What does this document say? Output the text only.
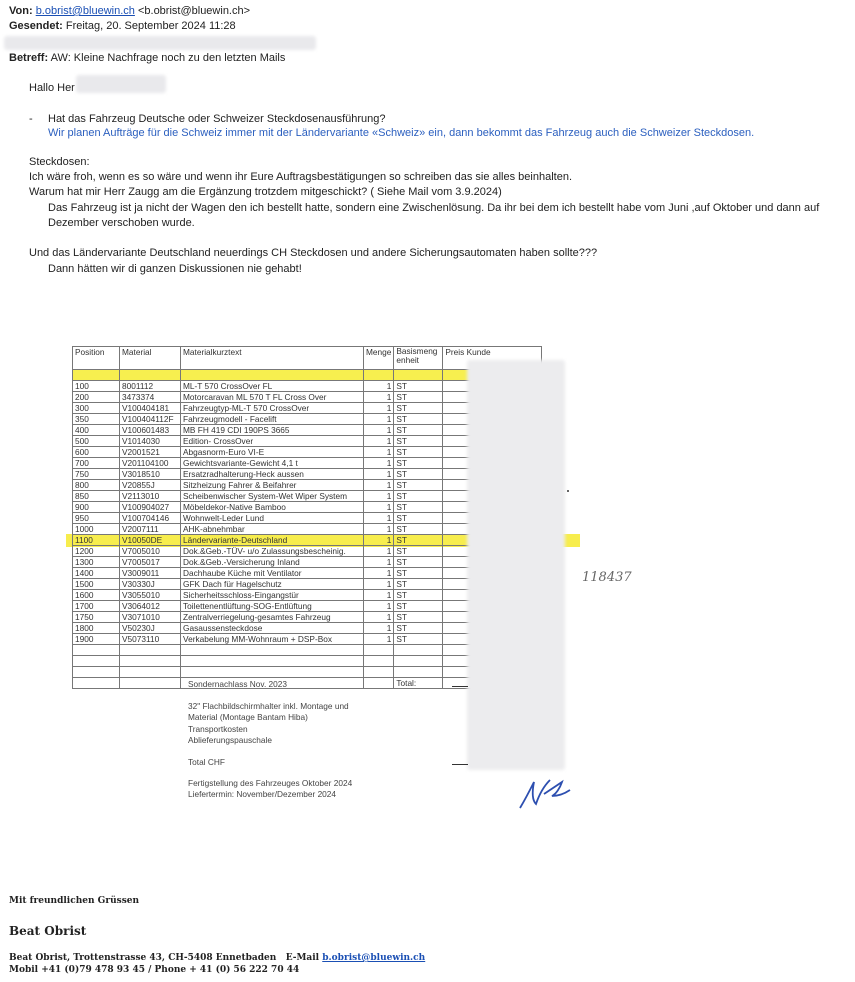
Von: b.obrist@bluewin.ch <b.obrist@bluewin.ch>
Gesendet: Freitag, 20. September 2024 11:28
Betreff: AW: Kleine Nachfrage noch zu den letzten Mails
Hallo Her
- Hat das Fahrzeug Deutsche oder Schweizer Steckdosenausführung?
Wir planen Aufträge für die Schweiz immer mit der Ländervariante «Schweiz» ein, dann bekommt das Fahrzeug auch die Schweizer Steckdosen.
Steckdosen:
Ich wäre froh, wenn es so wäre und wenn ihr Eure Auftragsbestätigungen so schreiben das sie alles beinhalten.
Warum hat mir Herr Zaugg am die Ergänzung trotzdem mitgeschickt? ( Siehe Mail vom 3.9.2024)
Das Fahrzeug ist ja nicht der Wagen den ich bestellt hatte, sondern eine Zwischenlösung. Da ihr bei dem ich bestellt habe vom Juni ,auf Oktober und dann auf
Dezember verschoben wurde.
Und das Ländervariante Deutschland neuerdings CH Steckdosen und andere Sicherungsautomaten haben sollte???
Dann hätten wir di ganzen Diskussionen nie gehabt!
Position	Material	Materialkurztext	Menge	Basismeng enheit	Preis Kunde

100	8001112	ML-T 570 CrossOver FL	1	ST	
200	3473374	Motorcaravan ML 570 T FL Cross Over	1	ST	
300	V100404181	Fahrzeugtyp-ML-T 570 CrossOver	1	ST	
350	V100404112F	Fahrzeugmodell - Facelift	1	ST	
400	V100601483	MB FH 419 CDI 190PS 3665	1	ST	
500	V1014030	Edition- CrossOver	1	ST	
600	V2001521	Abgasnorm-Euro VI-E	1	ST	
700	V201104100	Gewichtsvariante-Gewicht 4,1 t	1	ST	
750	V3018510	Ersatzradhalterung-Heck aussen	1	ST	
800	V20855J	Sitzheizung Fahrer & Beifahrer	1	ST	
850	V2113010	Scheibenwischer System-Wet Wiper System	1	ST	
900	V100904027	Möbeldekor-Native Bamboo	1	ST	
950	V100704146	Wohnwelt-Leder Lund	1	ST	
1000	V2007111	AHK-abnehmbar	1	ST	
1100	V10050DE	Ländervariante-Deutschland	1	ST	
1200	V7005010	Dok.&Geb.-TÜV- u/o Zulassungsbescheinig.	1	ST	
1300	V7005017	Dok.&Geb.-Versicherung Inland	1	ST	
1400	V3009011	Dachhaube Küche mit Ventilator	1	ST	
1500	V30330J	GFK Dach für Hagelschutz	1	ST	
1600	V3055010	Sicherheitsschloss-Eingangstür	1	ST	
1700	V3064012	Toilettenentlüftung-SOG-Entlüftung	1	ST	
1750	V3071010	Zentralverriegelung-gesamtes Fahrzeug	1	ST	
1800	V50230J	Gasaussensteckdose	1	ST	
1900	V5073110	Verkabelung MM-Wohnraum + DSP-Box	1	ST	

				Total:	
Sondernachlass Nov. 2023
32" Flachbildschirmhalter inkl. Montage und
Material (Montage Bantam Hiba)
Transportkosten
Ablieferungspauschale
Total CHF
Fertigstellung des Fahrzeuges Oktober 2024
Liefertermin: November/Dezember 2024
118437
Mit freundlichen Grüssen
Beat Obrist
Beat Obrist, Trottenstrasse 43, CH-5408 Ennetbaden E-Mail b.obrist@bluewin.ch
Mobil +41 (0)79 478 93 45 / Phone + 41 (0) 56 222 70 44
